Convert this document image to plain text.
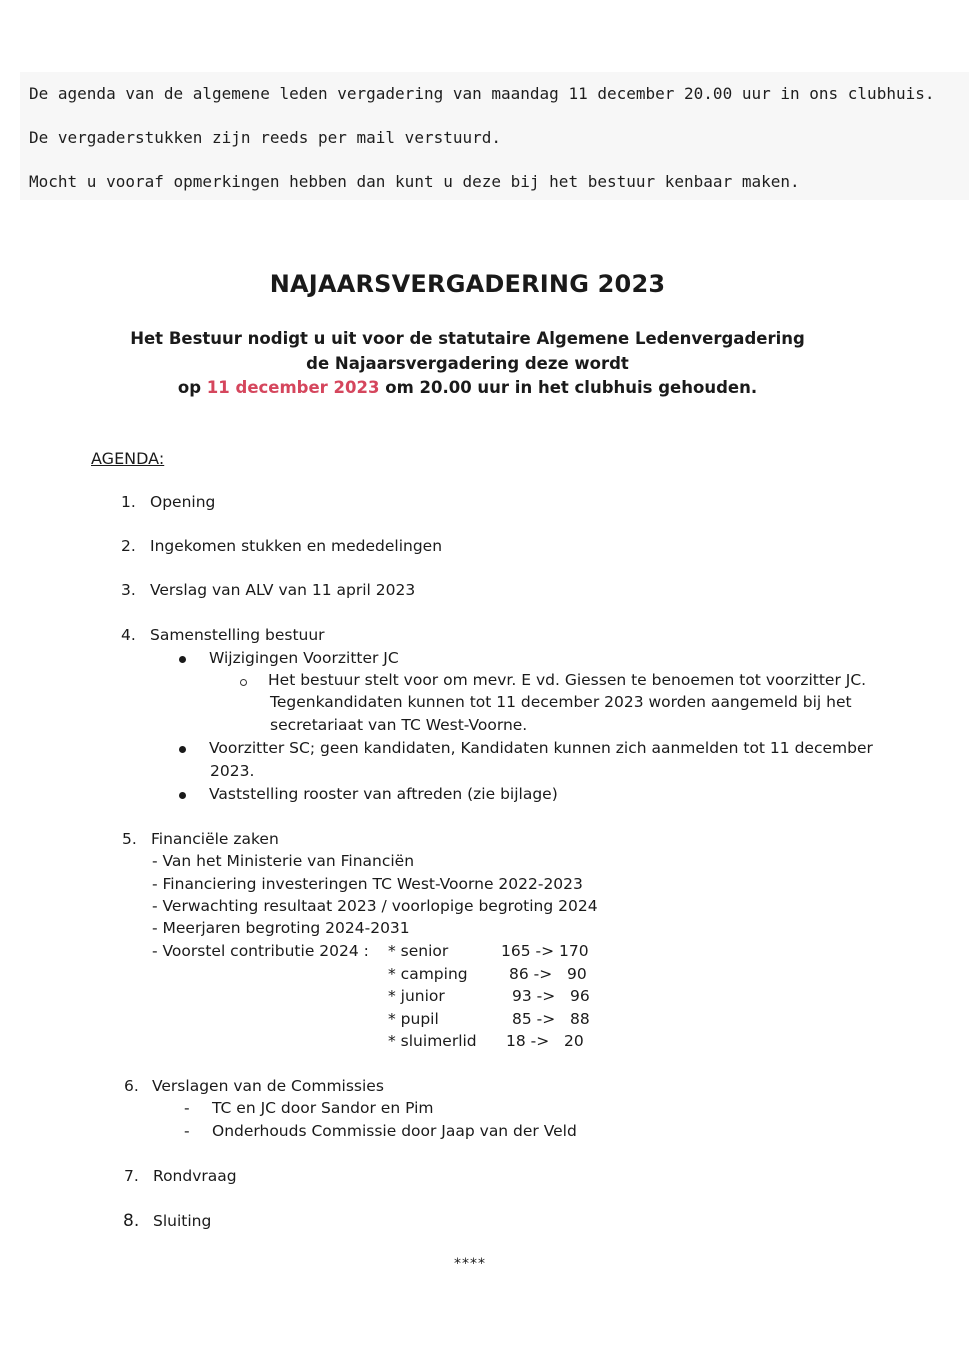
De agenda van de algemene leden vergadering van maandag 11 december 20.00 uur in ons clubhuis.
De vergaderstukken zijn reeds per mail verstuurd.
Mocht u vooraf opmerkingen hebben dan kunt u deze bij het bestuur kenbaar maken.
NAJAARSVERGADERING 2023
Het Bestuur nodigt u uit voor de statutaire Algemene Ledenvergadering
de Najaarsvergadering deze wordt
op 11 december 2023 om 20.00 uur in het clubhuis gehouden.
AGENDA:
1. Opening
2. Ingekomen stukken en mededelingen
3. Verslag van ALV van 11 april 2023
4. Samenstelling bestuur
Wijzigingen Voorzitter JC
Het bestuur stelt voor om mevr. E vd. Giessen te benoemen tot voorzitter JC.
Tegenkandidaten kunnen tot 11 december 2023 worden aangemeld bij het
secretariaat van TC West-Voorne.
Voorzitter SC; geen kandidaten, Kandidaten kunnen zich aanmelden tot 11 december
2023.
Vaststelling rooster van aftreden (zie bijlage)
5. Financiële zaken
- Van het Ministerie van Financiën
- Financiering investeringen TC West-Voorne 2022-2023
- Verwachting resultaat 2023 / voorlopige begroting 2024
- Meerjaren begroting 2024-2031
- Voorstel contributie 2024 : * senior	165 -> 170
* camping	86 ->   90
* junior	93 ->   96
* pupil	85 ->   88
* sluimerlid 18 ->   20
6. Verslagen van de Commissies
- TC en JC door Sandor en Pim
- Onderhouds Commissie door Jaap van der Veld
7. Rondvraag
8. Sluiting
****
